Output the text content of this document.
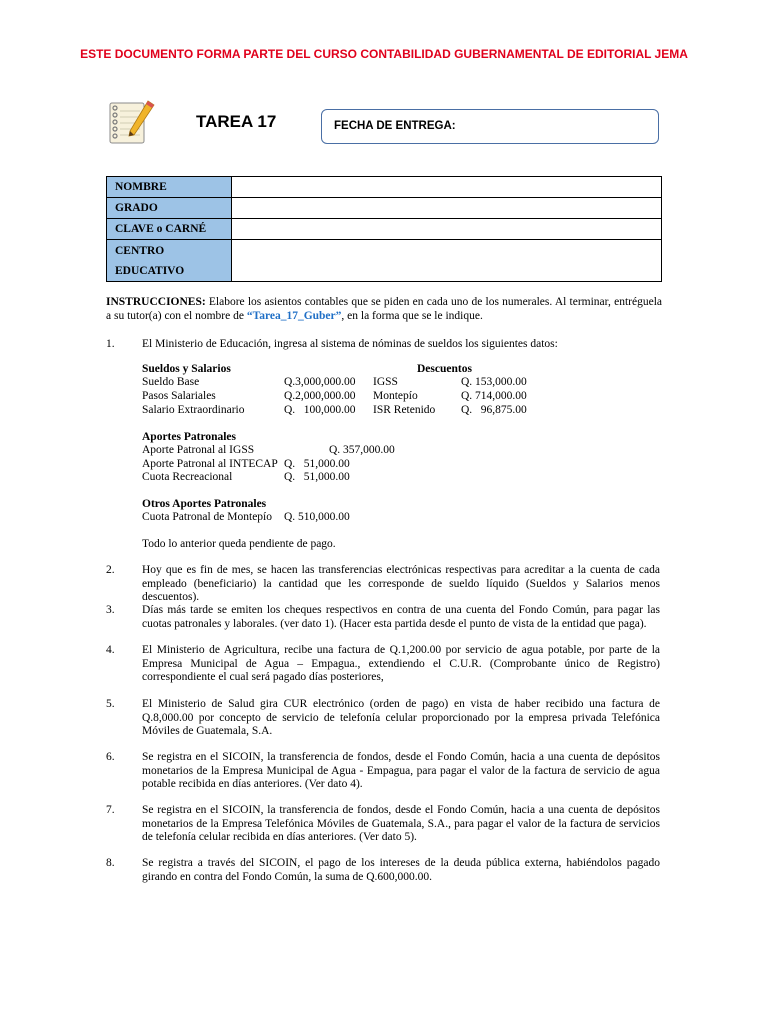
ESTE DOCUMENTO FORMA PARTE DEL CURSO CONTABILIDAD GUBERNAMENTAL DE EDITORIAL JEMA
TAREA 17	FECHA DE ENTREGA:
NOMBRE	
GRADO	
CLAVE o CARNÉ	
CENTRO
EDUCATIVO	
INSTRUCCIONES: Elabore los asientos contables que se piden en cada uno de los numerales. Al terminar, entréguela a su tutor(a) con el nombre de “Tarea_17_Guber”, en la forma que se le indique.
1. El Ministerio de Educación, ingresa al sistema de nóminas de sueldos los siguientes datos:
Sueldos y Salarios	Descuentos
Sueldo Base	Q.3,000,000.00 IGSS	Q. 153,000.00
Pasos Salariales	Q.2,000,000.00 Montepío	Q. 714,000.00
Salario Extraordinario	Q.   100,000.00 ISR Retenido Q.   96,875.00
Aportes Patronales
Aporte Patronal al IGSS	Q. 357,000.00
Aporte Patronal al INTECAP Q.   51,000.00
Cuota Recreacional	Q.   51,000.00
Otros Aportes Patronales
Cuota Patronal de Montepío Q. 510,000.00
Todo lo anterior queda pendiente de pago.
2. Hoy que es fin de mes, se hacen las transferencias electrónicas respectivas para acreditar a la cuenta de cada empleado (beneficiario) la cantidad que les corresponde de sueldo líquido (Sueldos y Salarios menos descuentos).
3. Días más tarde se emiten los cheques respectivos en contra de una cuenta del Fondo Común, para pagar las cuotas patronales y laborales. (ver dato 1). (Hacer esta partida desde el punto de vista de la entidad que paga).
4. El Ministerio de Agricultura, recibe una factura de Q.1,200.00 por servicio de agua potable, por parte de la Empresa Municipal de Agua – Empagua., extendiendo el C.U.R. (Comprobante único de Registro) correspondiente el cual será pagado días posteriores,
5. El Ministerio de Salud gira CUR electrónico (orden de pago) en vista de haber recibido una factura de Q.8,000.00 por concepto de servicio de telefonía celular proporcionado por la empresa privada Telefónica Móviles de Guatemala, S.A.
6. Se registra en el SICOIN, la transferencia de fondos, desde el Fondo Común, hacia a una cuenta de depósitos monetarios de la Empresa Municipal de Agua - Empagua, para pagar el valor de la factura de servicio de agua potable recibida en días anteriores. (Ver dato 4).
7. Se registra en el SICOIN, la transferencia de fondos, desde el Fondo Común, hacia a una cuenta de depósitos monetarios de la Empresa Telefónica Móviles de Guatemala, S.A., para pagar el valor de la factura de servicios de telefonía celular recibida en días anteriores. (Ver dato 5).
8. Se registra a través del SICOIN, el pago de los intereses de la deuda pública externa, habiéndolos pagado girando en contra del Fondo Común, la suma de Q.600,000.00.
